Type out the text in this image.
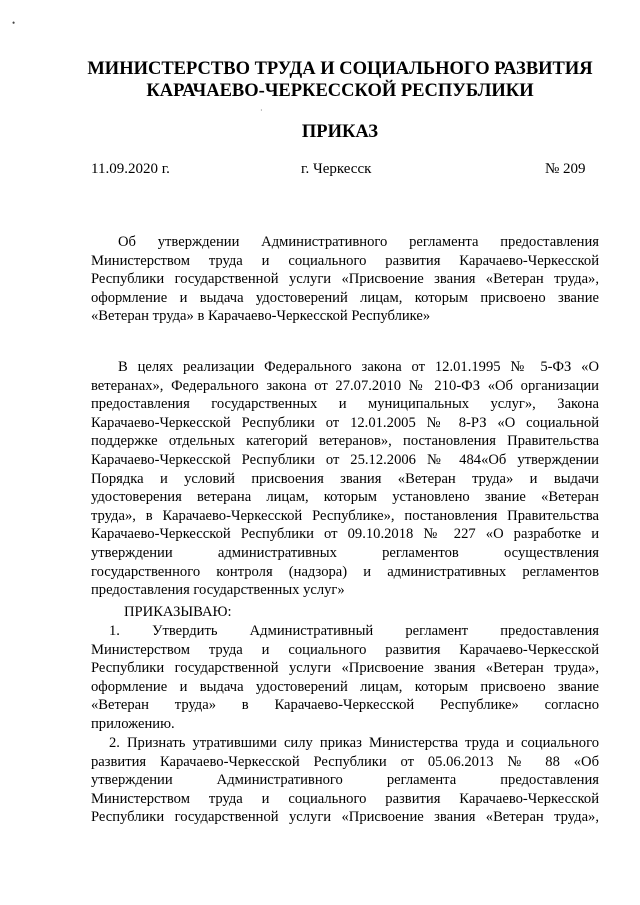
•
МИНИСТЕРСТВО ТРУДА И СОЦИАЛЬНОГО РАЗВИТИЯ
КАРАЧАЕВО-ЧЕРКЕССКОЙ РЕСПУБЛИКИ
·
ПРИКАЗ
11.09.2020 г.	г. Черкесск	№ 209
Об утверждении Административного регламента предоставления
Министерством труда и социального развития Карачаево-Черкесской
Республики государственной услуги «Присвоение звания «Ветеран труда»,
оформление и выдача удостоверений лицам, которым присвоено звание
«Ветеран труда» в Карачаево-Черкесской Республике»
В целях реализации Федерального закона от 12.01.1995 № 5-ФЗ «О
ветеранах», Федерального закона от 27.07.2010 № 210-ФЗ «Об организации
предоставления государственных и муниципальных услуг», Закона
Карачаево-Черкесской Республики от 12.01.2005 № 8-РЗ «О социальной
поддержке отдельных категорий ветеранов», постановления Правительства
Карачаево-Черкесской Республики от 25.12.2006 № 484«Об утверждении
Порядка и условий присвоения звания «Ветеран труда» и выдачи
удостоверения ветерана лицам, которым установлено звание «Ветеран
труда», в Карачаево-Черкесской Республике», постановления Правительства
Карачаево-Черкесской Республики от 09.10.2018 № 227 «О разработке и
утверждении административных регламентов осуществления
государственного контроля (надзора) и административных регламентов
предоставления государственных услуг»
ПРИКАЗЫВАЮ:
1. Утвердить Административный регламент предоставления
Министерством труда и социального развития Карачаево-Черкесской
Республики государственной услуги «Присвоение звания «Ветеран труда»,
оформление и выдача удостоверений лицам, которым присвоено звание
«Ветеран труда» в Карачаево-Черкесской Республике» согласно
приложению.
2. Признать утратившими силу приказ Министерства труда и социального
развития Карачаево-Черкесской Республики от 05.06.2013 № 88 «Об
утверждении Административного регламента предоставления
Министерством труда и социального развития Карачаево-Черкесской
Республики государственной услуги «Присвоение звания «Ветеран труда»,
